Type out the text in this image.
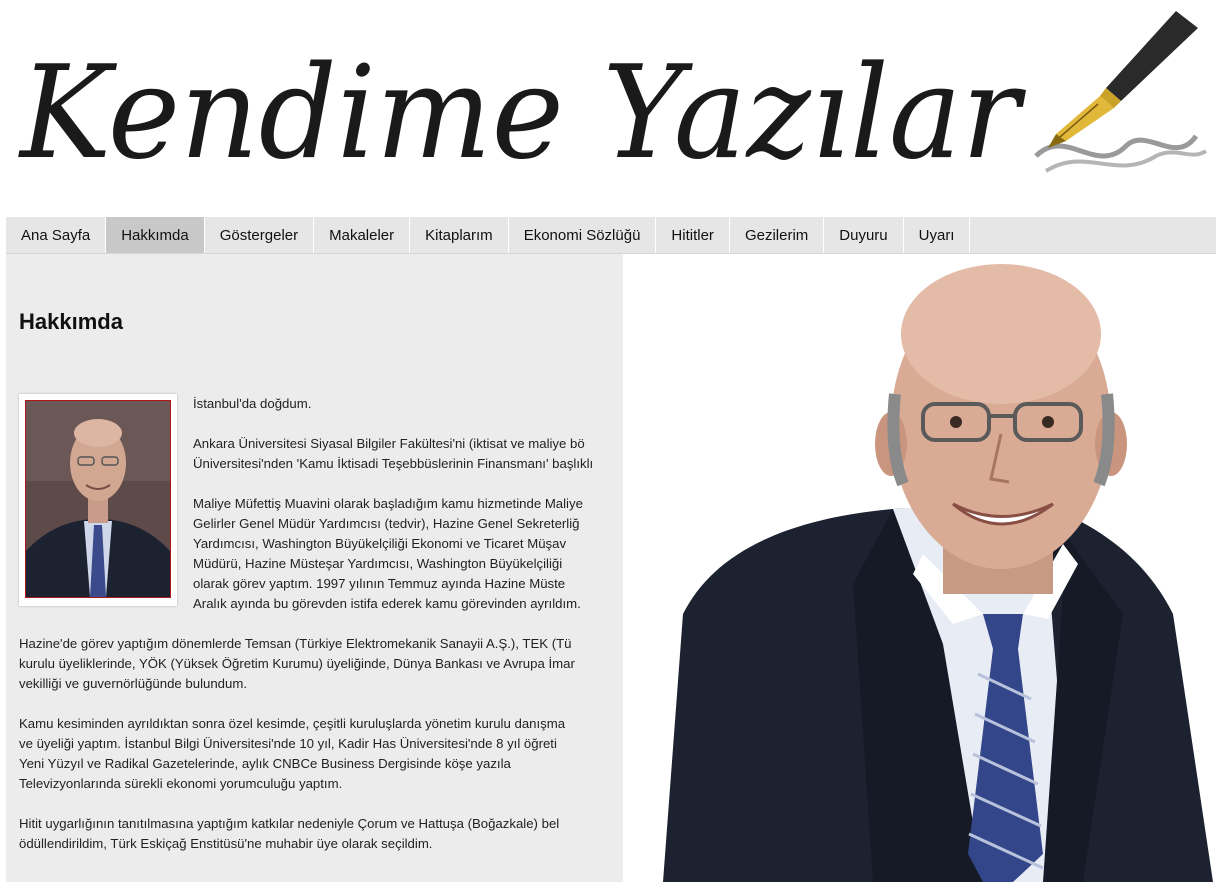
Kendime Yazılar
Ana Sayfa	Hakkımda	Göstergeler	Makaleler	Kitaplarım	Ekonomi Sözlüğü	Hititler	Gezilerim	Duyuru	Uyarı
Hakkımda
İstanbul'da doğdum.
Ankara Üniversitesi Siyasal Bilgiler Fakültesi'ni (iktisat ve maliye bö
Üniversitesi'nden 'Kamu İktisadi Teşebbüslerinin Finansmanı' başlıklı
Maliye Müfettiş Muavini olarak başladığım kamu hizmetinde Maliye
Gelirler Genel Müdür Yardımcısı (tedvir), Hazine Genel Sekreterliğ
Yardımcısı, Washington Büyükelçiliği Ekonomi ve Ticaret Müşav
Müdürü, Hazine Müsteşar Yardımcısı, Washington Büyükelçiliği
olarak görev yaptım. 1997 yılının Temmuz ayında Hazine Müste
Aralık ayında bu görevden istifa ederek kamu görevinden ayrıldım.
Hazine'de görev yaptığım dönemlerde Temsan (Türkiye Elektromekanik Sanayii A.Ş.), TEK (Tü
kurulu üyeliklerinde, YÖK (Yüksek Öğretim Kurumu) üyeliğinde, Dünya Bankası ve Avrupa İmar
vekilliği ve guvernörlüğünde bulundum.
Kamu kesiminden ayrıldıktan sonra özel kesimde, çeşitli kuruluşlarda yönetim kurulu danışma
ve üyeliği yaptım. İstanbul Bilgi Üniversitesi'nde 10 yıl, Kadir Has Üniversitesi'nde 8 yıl öğreti
Yeni Yüzyıl ve Radikal Gazetelerinde, aylık CNBCe Business Dergisinde köşe yazıla
Televizyonlarında sürekli ekonomi yorumculuğu yaptım.
Hitit uygarlığının tanıtılmasına yaptığım katkılar nedeniyle Çorum ve Hattuşa (Boğazkale) bel
ödüllendirildim, Türk Eskiçağ Enstitüsü'ne muhabir üye olarak seçildim.
